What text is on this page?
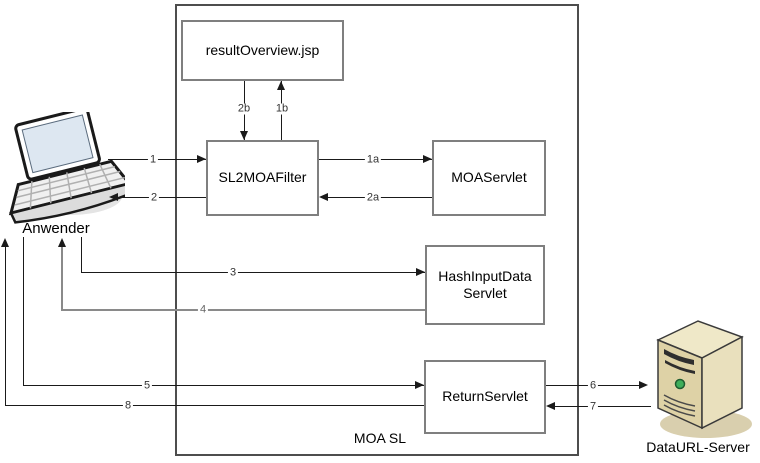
MOA SL
Anwender
DataURL-Server
resultOverview.jsp
SL2MOAFilter	MOAServlet
HashInputData
Servlet
ReturnServlet
1
2
1a
2a
2b 1b
3
4
5
8
6
7
